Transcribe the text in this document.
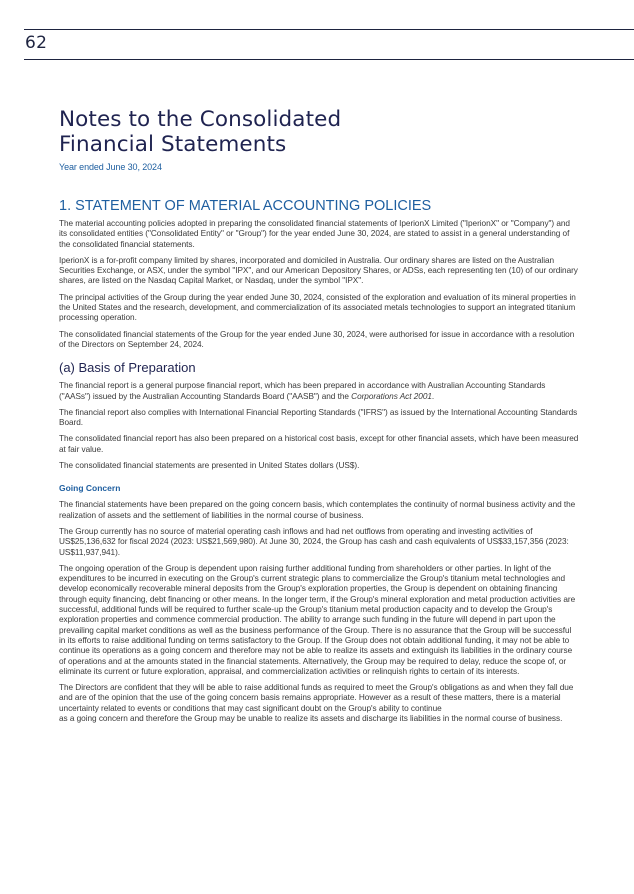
62
Notes to the Consolidated
Financial Statements
Year ended June 30, 2024
1. STATEMENT OF MATERIAL ACCOUNTING POLICIES

The material accounting policies adopted in preparing the consolidated financial statements of IperionX Limited ("IperionX" or "Company") and its consolidated entities ("Consolidated Entity" or "Group") for the year ended June 30, 2024, are stated to assist in a general understanding of the consolidated financial statements.

IperionX is a for-profit company limited by shares, incorporated and domiciled in Australia. Our ordinary shares are listed on the Australian Securities Exchange, or ASX, under the symbol "IPX", and our American Depository Shares, or ADSs, each representing ten (10) of our ordinary shares, are listed on the Nasdaq Capital Market, or Nasdaq, under the symbol "IPX".

The principal activities of the Group during the year ended June 30, 2024, consisted of the exploration and evaluation of its mineral properties in the United States and the research, development, and commercialization of its associated metals technologies to support an integrated titanium processing operation.

The consolidated financial statements of the Group for the year ended June 30, 2024, were authorised for issue in accordance with a resolution of the Directors on September 24, 2024.

(a) Basis of Preparation

The financial report is a general purpose financial report, which has been prepared in accordance with Australian Accounting Standards ("AASs") issued by the Australian Accounting Standards Board ("AASB") and the Corporations Act 2001.

The financial report also complies with International Financial Reporting Standards ("IFRS") as issued by the International Accounting Standards Board.

The consolidated financial report has also been prepared on a historical cost basis, except for other financial assets, which have been measured at fair value.

The consolidated financial statements are presented in United States dollars (US$).

Going Concern

The financial statements have been prepared on the going concern basis, which contemplates the continuity of normal business activity and the realization of assets and the settlement of liabilities in the normal course of business.

The Group currently has no source of material operating cash inflows and had net outflows from operating and investing activities of US$25,136,632 for fiscal 2024 (2023: US$21,569,980). At June 30, 2024, the Group has cash and cash equivalents of US$33,157,356 (2023: US$11,937,941).

The ongoing operation of the Group is dependent upon raising further additional funding from shareholders or other parties. In light of the expenditures to be incurred in executing on the Group's current strategic plans to commercialize the Group's titanium metal technologies and develop economically recoverable mineral deposits from the Group's exploration properties, the Group is dependent on obtaining financing through equity financing, debt financing or other means. In the longer term, if the Group's mineral exploration and metal production activities are successful, additional funds will be required to further scale-up the Group's titanium metal production capacity and to develop the Group's exploration properties and commence commercial production. The ability to arrange such funding in the future will depend in part upon the prevailing capital market conditions as well as the business performance of the Group. There is no assurance that the Group will be successful in its efforts to raise additional funding on terms satisfactory to the Group. If the Group does not obtain additional funding, it may not be able to continue its operations as a going concern and therefore may not be able to realize its assets and extinguish its liabilities in the ordinary course of operations and at the amounts stated in the financial statements. Alternatively, the Group may be required to delay, reduce the scope of, or eliminate its current or future exploration, appraisal, and commercialization activities or relinquish rights to certain of its interests.

The Directors are confident that they will be able to raise additional funds as required to meet the Group's obligations as and when they fall due and are of the opinion that the use of the going concern basis remains appropriate. However as a result of these matters, there is a material uncertainty related to events or conditions that may cast significant doubt on the Group's ability to continue
as a going concern and therefore the Group may be unable to realize its assets and discharge its liabilities in the normal course of business.
